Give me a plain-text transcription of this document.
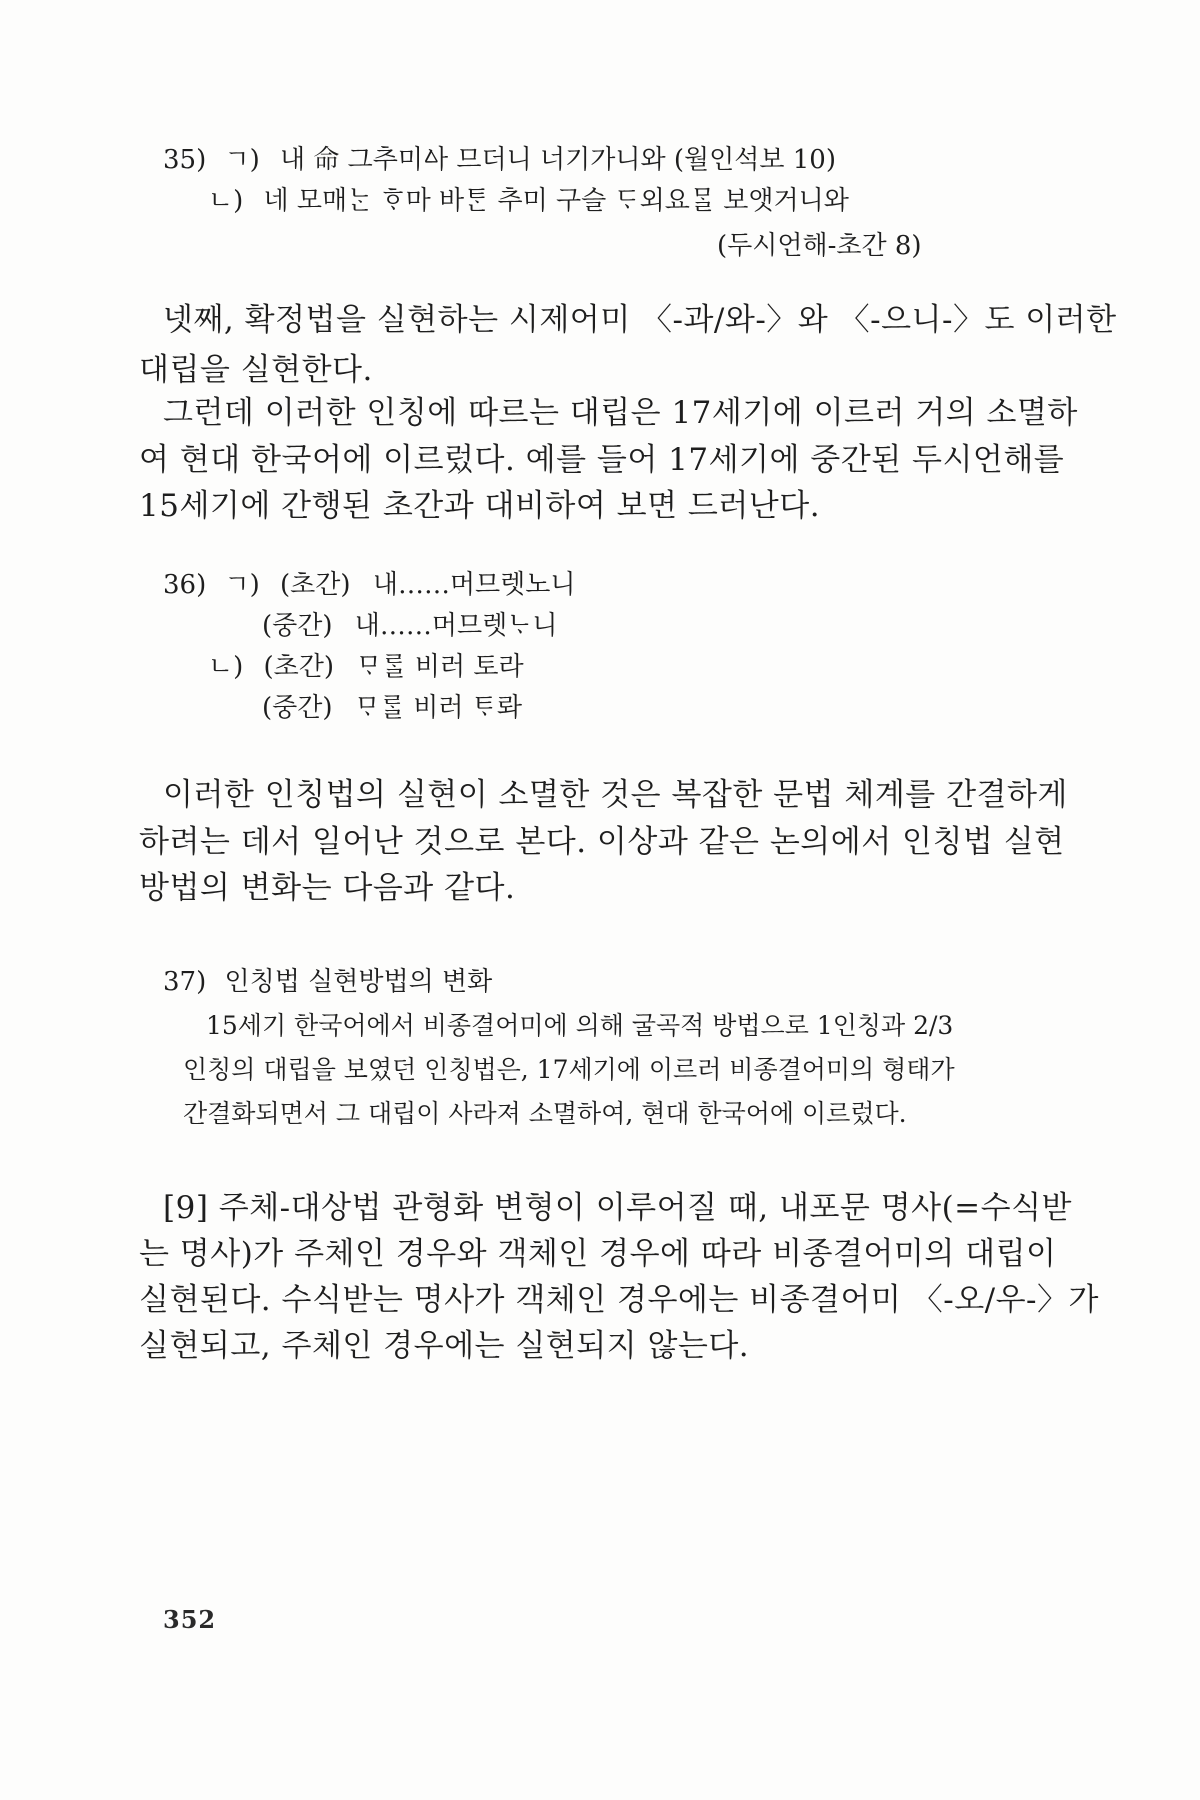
35) ㄱ) 내 命 그추미ᅀᅡ 므더니 너기가니와 (월인석보 10)
ㄴ) 네 모매ᄂᆞᆫ ᄒᆞ마 바ᄐᆞᆫ 추미 구슬 ᄃᆞ외요ᄆᆞᆯ 보앳거니와
(두시언해-초간 8)
넷째, 확정법을 실현하는 시제어미 〈-과/와-〉와 〈-으니-〉도 이러한
대립을 실현한다.
그런데 이러한 인칭에 따르는 대립은 17세기에 이르러 거의 소멸하
여 현대 한국어에 이르렀다. 예를 들어 17세기에 중간된 두시언해를
15세기에 간행된 초간과 대비하여 보면 드러난다.
36) ㄱ) (초간) 내……머므렛노니
(중간) 내……머므렛ᄂᆞ니
ㄴ) (초간) ᄆᆞᄅᆞᆯ 비러 토라
(중간) ᄆᆞᄅᆞᆯ 비러 ᄐᆞ롸
이러한 인칭법의 실현이 소멸한 것은 복잡한 문법 체계를 간결하게
하려는 데서 일어난 것으로 본다. 이상과 같은 논의에서 인칭법 실현
방법의 변화는 다음과 같다.
37) 인칭법 실현방법의 변화
15세기 한국어에서 비종결어미에 의해 굴곡적 방법으로 1인칭과 2/3
인칭의 대립을 보였던 인칭법은, 17세기에 이르러 비종결어미의 형태가
간결화되면서 그 대립이 사라져 소멸하여, 현대 한국어에 이르렀다.
[9] 주체-대상법 관형화 변형이 이루어질 때, 내포문 명사(=수식받
는 명사)가 주체인 경우와 객체인 경우에 따라 비종결어미의 대립이
실현된다. 수식받는 명사가 객체인 경우에는 비종결어미 〈-오/우-〉가
실현되고, 주체인 경우에는 실현되지 않는다.
352
